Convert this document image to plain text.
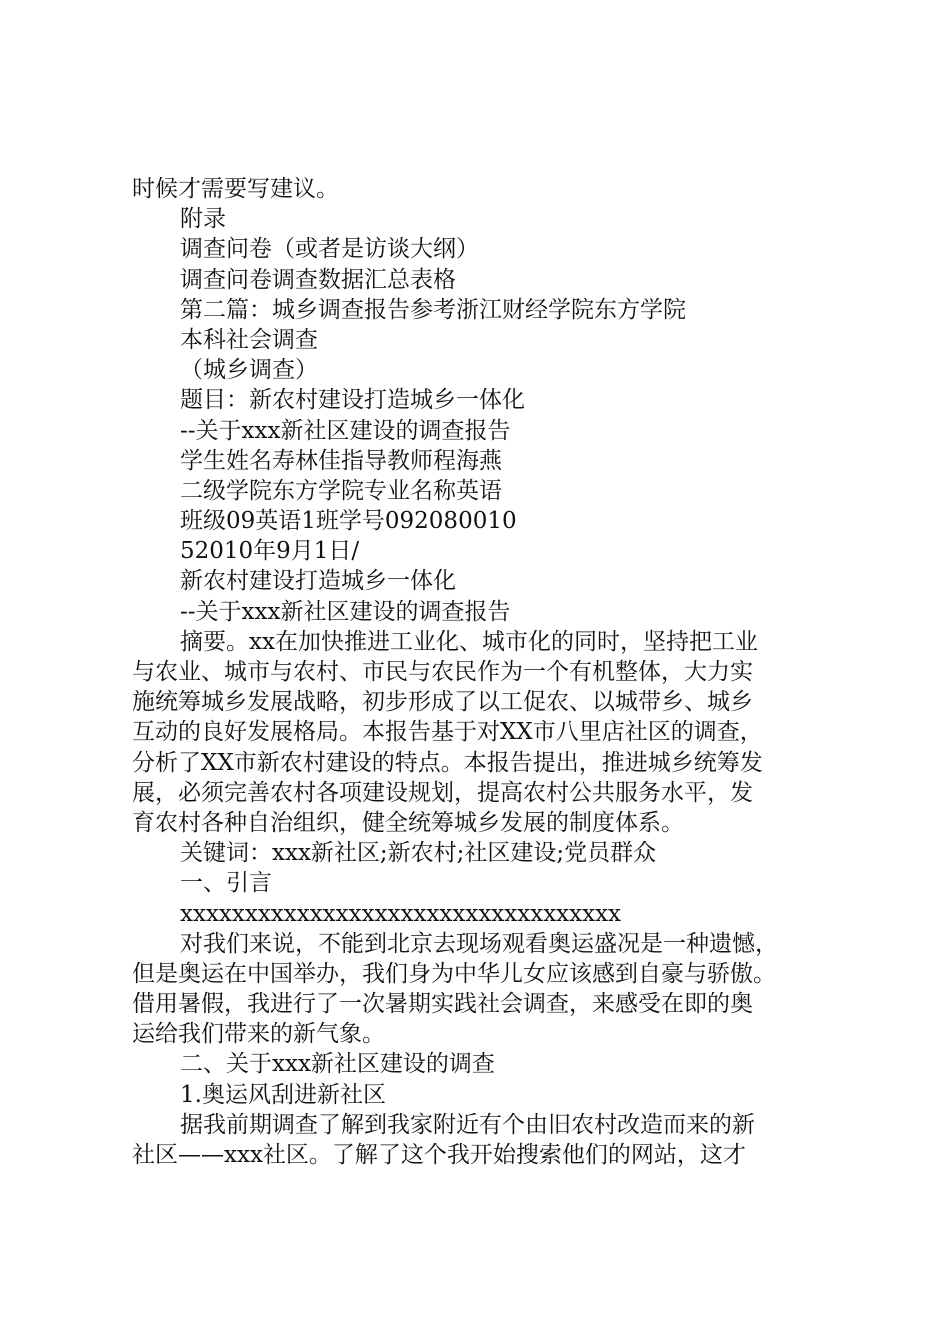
时候才需要写建议。
附录
调查问卷（或者是访谈大纲）
调查问卷调查数据汇总表格
第二篇：城乡调查报告参考浙江财经学院东方学院
本科社会调查
（城乡调查）
题目：新农村建设打造城乡一体化
--关于xxx新社区建设的调查报告
学生姓名寿林佳指导教师程海燕
二级学院东方学院专业名称英语
班级09英语1班学号092080010
52010年9月1日/
新农村建设打造城乡一体化
--关于xxx新社区建设的调查报告
摘要。xx在加快推进工业化、城市化的同时，坚持把工业
与农业、城市与农村、市民与农民作为一个有机整体，大力实
施统筹城乡发展战略，初步形成了以工促农、以城带乡、城乡
互动的良好发展格局。本报告基于对XX市八里店社区的调查，
分析了XX市新农村建设的特点。本报告提出，推进城乡统筹发
展，必须完善农村各项建设规划，提高农村公共服务水平，发
育农村各种自治组织，健全统筹城乡发展的制度体系。
关键词：xxx新社区;新农村;社区建设;党员群众
一、引言
xxxxxxxxxxxxxxxxxxxxxxxxxxxxxxxxxx
对我们来说，不能到北京去现场观看奥运盛况是一种遗憾，
但是奥运在中国举办，我们身为中华儿女应该感到自豪与骄傲。
借用暑假，我进行了一次暑期实践社会调查，来感受在即的奥
运给我们带来的新气象。
二、关于xxx新社区建设的调查
1.奥运风刮进新社区
据我前期调查了解到我家附近有个由旧农村改造而来的新
社区——xxx社区。了解了这个我开始搜索他们的网站，这才
